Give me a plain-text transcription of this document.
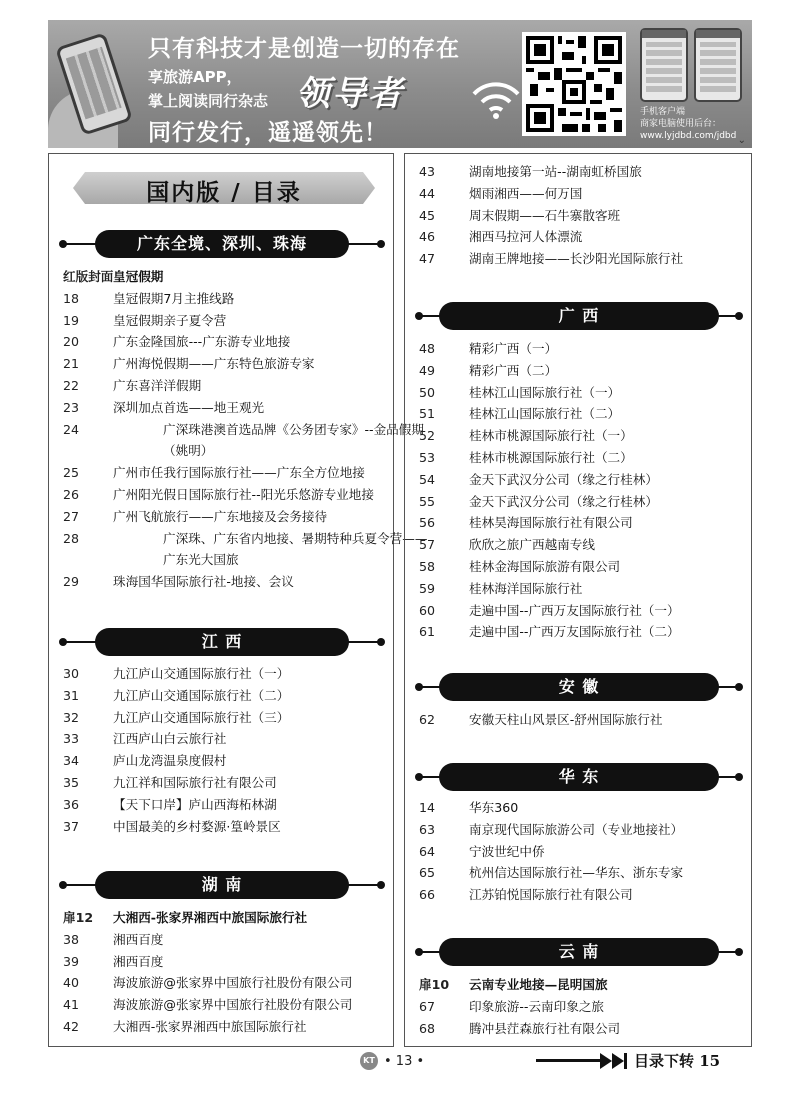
只有科技才是创造一切的存在
享旅游APP，
掌上阅读同行杂志 领导者
同行发行，遥遥领先！
手机客户端
商家电脑使用后台：
www.lyjdbd.com/jdbd ⌄
国内版 / 目录
广东全境、深圳、珠海
红版封面 皇冠假期
18	皇冠假期7月主推线路
19	皇冠假期亲子夏令营
20	广东金隆国旅---广东游专业地接
21	广州海悦假期——广东特色旅游专家
22	广东喜洋洋假期
23	深圳加点首选——地王观光
24	广深珠港澳首选品牌《公务团专家》--金品假期（姚明）
25	广州市任我行国际旅行社——广东全方位地接
26	广州阳光假日国际旅行社--阳光乐悠游专业地接
27	广州飞航旅行——广东地接及会务接待
28	广深珠、广东省内地接、暑期特种兵夏令营——广东光大国旅
29	珠海国华国际旅行社-地接、会议
江 西
30	九江庐山交通国际旅行社（一）
31	九江庐山交通国际旅行社（二）
32	九江庐山交通国际旅行社（三）
33	江西庐山白云旅行社
34	庐山龙湾温泉度假村
35	九江祥和国际旅行社有限公司
36	【天下口岸】庐山西海柘林湖
37	中国最美的乡村婺源·篁岭景区
湖 南
扉12	大湘西-张家界湘西中旅国际旅行社
38	湘西百度
39	湘西百度
40	海波旅游@张家界中国旅行社股份有限公司
41	海波旅游@张家界中国旅行社股份有限公司
42	大湘西-张家界湘西中旅国际旅行社
43	湖南地接第一站--湖南虹桥国旅
44	烟雨湘西——何万国
45	周末假期——石牛寨散客班
46	湘西马拉河人体漂流
47	湖南王牌地接——长沙阳光国际旅行社
广 西
48	精彩广西（一）
49	精彩广西（二）
50	桂林江山国际旅行社（一）
51	桂林江山国际旅行社（二）
52	桂林市桃源国际旅行社（一）
53	桂林市桃源国际旅行社（二）
54	金天下武汉分公司（缘之行桂林）
55	金天下武汉分公司（缘之行桂林）
56	桂林昊海国际旅行社有限公司
57	欣欣之旅广西越南专线
58	桂林金海国际旅游有限公司
59	桂林海洋国际旅行社
60	走遍中国--广西万友国际旅行社（一）
61	走遍中国--广西万友国际旅行社（二）
安 徽
62	安徽天柱山风景区-舒州国际旅行社
华 东
14	华东360
63	南京现代国际旅游公司（专业地接社）
64	宁波世纪中侨
65	杭州信达国际旅行社—华东、浙东专家
66	江苏铂悦国际旅行社有限公司
云 南
扉10	云南专业地接—昆明国旅
67	印象旅游--云南印象之旅
68	腾冲县茳森旅行社有限公司
KT • 13 •	目录下转 15
